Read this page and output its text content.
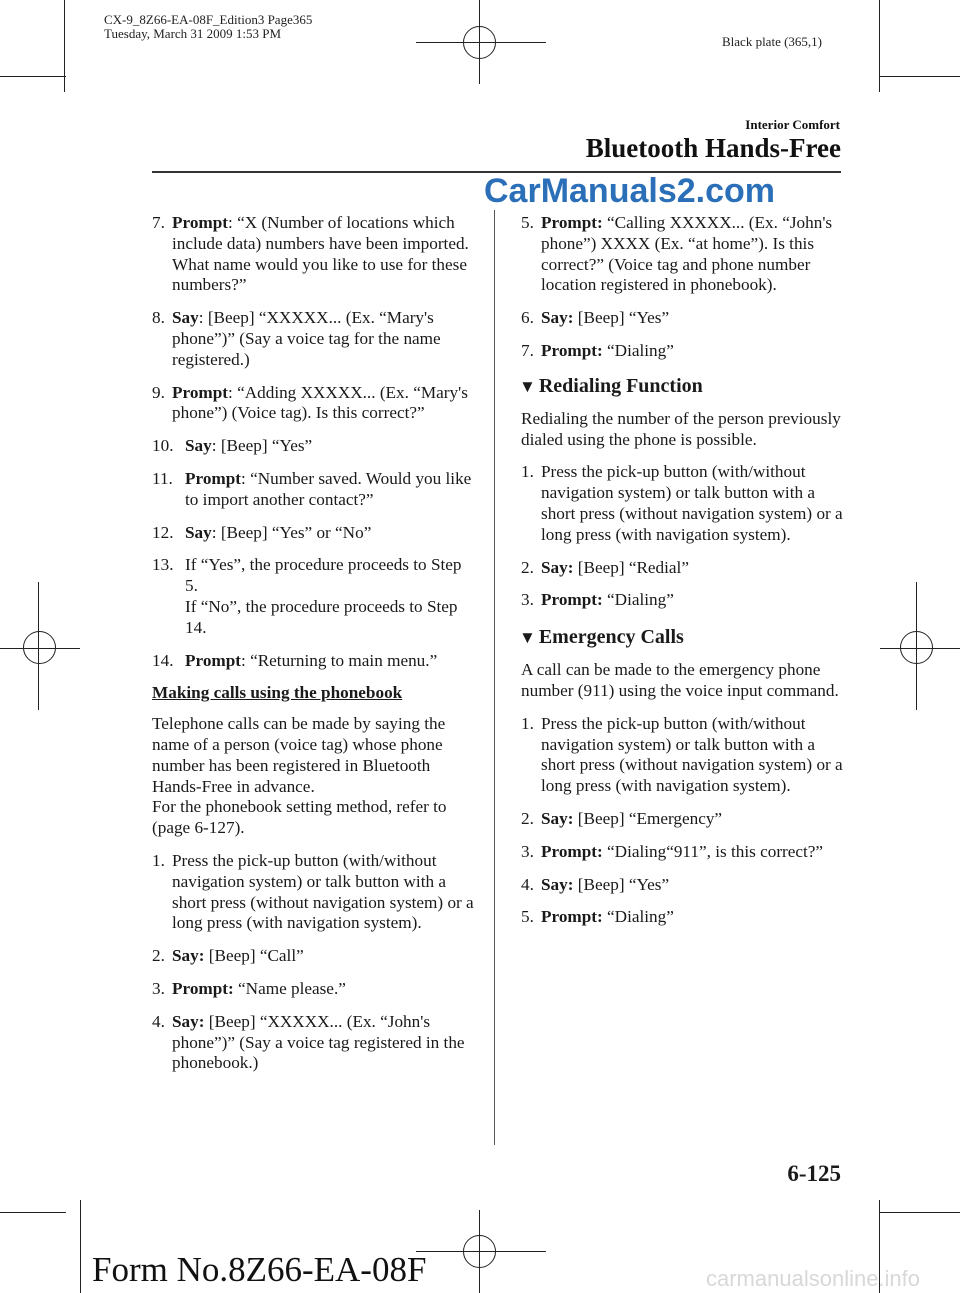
CX-9_8Z66-EA-08F_Edition3 Page365
Tuesday, March 31 2009 1:53 PM
Black plate (365,1)
Interior Comfort
Bluetooth Hands-Free
CarManuals2.com
7. Prompt: “X (Number of locations which include data) numbers have been imported. What name would you like to use for these numbers?”
8. Say: [Beep] “XXXXX... (Ex. “Mary's phone”)” (Say a voice tag for the name registered.)
9. Prompt: “Adding XXXXX... (Ex. “Mary's phone”) (Voice tag). Is this correct?”
10. Say: [Beep] “Yes”
11. Prompt: “Number saved. Would you like to import another contact?”
12. Say: [Beep] “Yes” or “No”
13. If “Yes”, the procedure proceeds to Step 5.
If “No”, the procedure proceeds to Step 14.
14. Prompt: “Returning to main menu.”
Making calls using the phonebook
Telephone calls can be made by saying the name of a person (voice tag) whose phone number has been registered in Bluetooth Hands-Free in advance.
For the phonebook setting method, refer to (page 6-127).
1. Press the pick-up button (with/without navigation system) or talk button with a short press (without navigation system) or a long press (with navigation system).
2. Say: [Beep] “Call”
3. Prompt: “Name please.”
4. Say: [Beep] “XXXXX... (Ex. “John's phone”)” (Say a voice tag registered in the phonebook.)
5. Prompt: “Calling XXXXX... (Ex. “John's phone”) XXXX (Ex. “at home”). Is this correct?” (Voice tag and phone number location registered in phonebook).
6. Say: [Beep] “Yes”
7. Prompt: “Dialing”
▼ Redialing Function
Redialing the number of the person previously dialed using the phone is possible.
1. Press the pick-up button (with/without navigation system) or talk button with a short press (without navigation system) or a long press (with navigation system).
2. Say: [Beep] “Redial”
3. Prompt: “Dialing”
▼ Emergency Calls
A call can be made to the emergency phone number (911) using the voice input command.
1. Press the pick-up button (with/without navigation system) or talk button with a short press (without navigation system) or a long press (with navigation system).
2. Say: [Beep] “Emergency”
3. Prompt: “Dialing“911”, is this correct?”
4. Say: [Beep] “Yes”
5. Prompt: “Dialing”
6-125
Form No.8Z66-EA-08F	carmanualsonline.info
